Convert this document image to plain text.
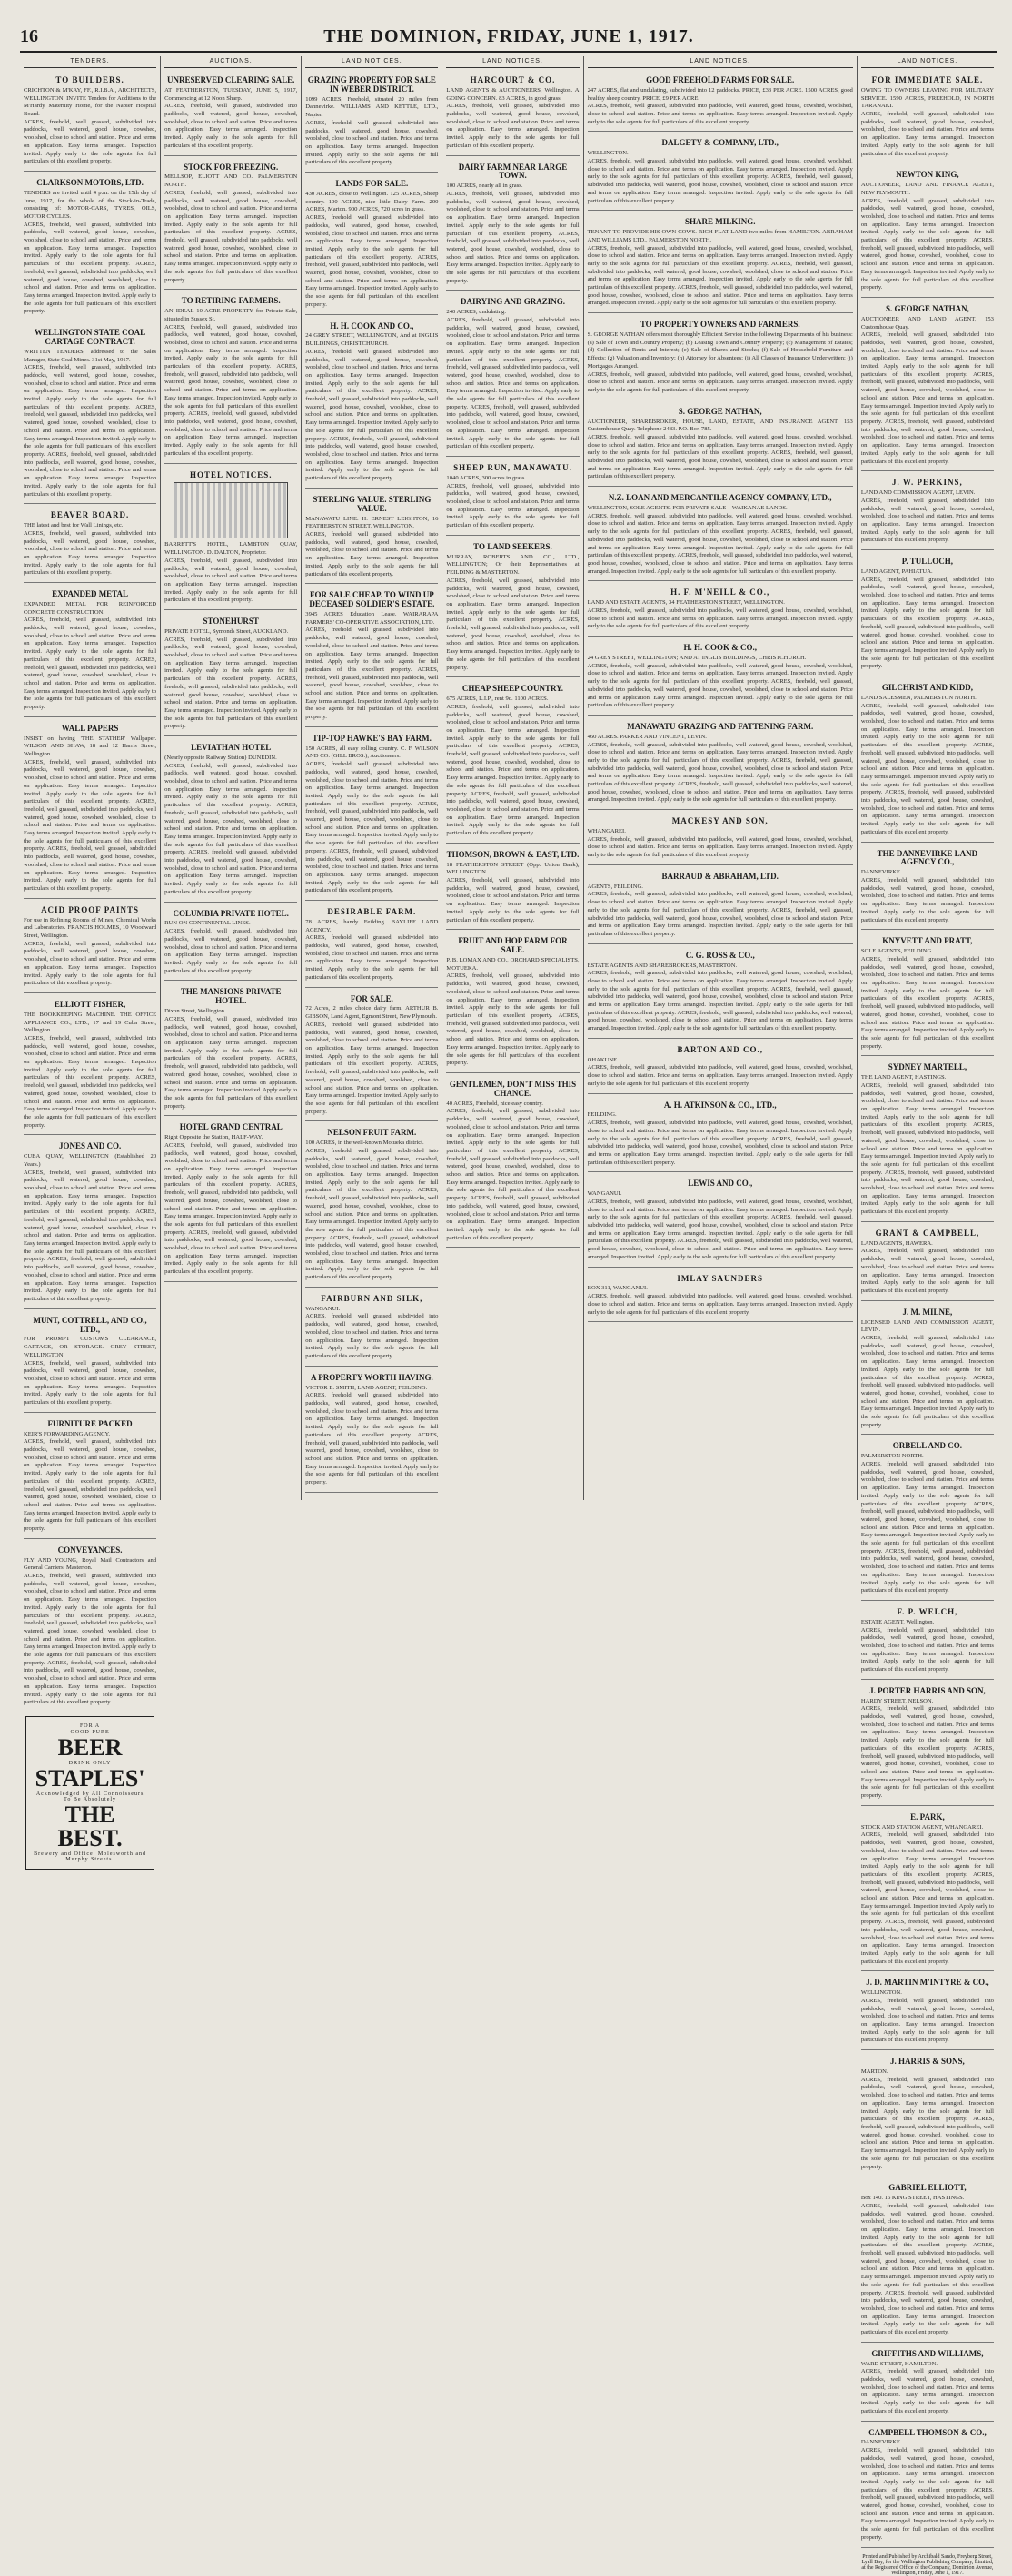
16	THE DOMINION, FRIDAY, JUNE 1, 1917.
TENDERS.
TO BUILDERS.

CRICHTON & M'KAY, FF., R.I.B.A., ARCHITECTS, WELLINGTON. INVITE Tenders for Additions to the M'Hardy Maternity Home, for the Napier Hospital Board.

ACRES, freehold, well grassed, subdivided into paddocks, well watered, good house, cowshed, woolshed, close to school and station. Price and terms on application. Easy terms arranged. Inspection invited. Apply early to the sole agents for full particulars of this excellent property.
CLARKSON MOTORS, LTD.

TENDERS are invited until 4 p.m. on the 15th day of June, 1917, for the whole of the Stock-in-Trade, consisting of: MOTOR-CARS, TYRES, OILS, MOTOR CYCLES.

ACRES, freehold, well grassed, subdivided into paddocks, well watered, good house, cowshed, woolshed, close to school and station. Price and terms on application. Easy terms arranged. Inspection invited. Apply early to the sole agents for full particulars of this excellent property. ACRES, freehold, well grassed, subdivided into paddocks, well watered, good house, cowshed, woolshed, close to school and station. Price and terms on application. Easy terms arranged. Inspection invited. Apply early to the sole agents for full particulars of this excellent property.
WELLINGTON STATE COAL CARTAGE CONTRACT.

WRITTEN TENDERS, addressed to the Sales Manager, State Coal Mines. 31st May, 1917.

ACRES, freehold, well grassed, subdivided into paddocks, well watered, good house, cowshed, woolshed, close to school and station. Price and terms on application. Easy terms arranged. Inspection invited. Apply early to the sole agents for full particulars of this excellent property. ACRES, freehold, well grassed, subdivided into paddocks, well watered, good house, cowshed, woolshed, close to school and station. Price and terms on application. Easy terms arranged. Inspection invited. Apply early to the sole agents for full particulars of this excellent property. ACRES, freehold, well grassed, subdivided into paddocks, well watered, good house, cowshed, woolshed, close to school and station. Price and terms on application. Easy terms arranged. Inspection invited. Apply early to the sole agents for full particulars of this excellent property.
BEAVER BOARD.

THE latest and best for Wall Linings, etc.

ACRES, freehold, well grassed, subdivided into paddocks, well watered, good house, cowshed, woolshed, close to school and station. Price and terms on application. Easy terms arranged. Inspection invited. Apply early to the sole agents for full particulars of this excellent property.
EXPANDED METAL

EXPANDED METAL FOR REINFORCED CONCRETE CONSTRUCTION.

ACRES, freehold, well grassed, subdivided into paddocks, well watered, good house, cowshed, woolshed, close to school and station. Price and terms on application. Easy terms arranged. Inspection invited. Apply early to the sole agents for full particulars of this excellent property. ACRES, freehold, well grassed, subdivided into paddocks, well watered, good house, cowshed, woolshed, close to school and station. Price and terms on application. Easy terms arranged. Inspection invited. Apply early to the sole agents for full particulars of this excellent property.
WALL PAPERS

INSIST on having 'THE STATHER' Wallpaper. WILSON AND SHAW, 18 and 12 Harris Street, Wellington.

ACRES, freehold, well grassed, subdivided into paddocks, well watered, good house, cowshed, woolshed, close to school and station. Price and terms on application. Easy terms arranged. Inspection invited. Apply early to the sole agents for full particulars of this excellent property. ACRES, freehold, well grassed, subdivided into paddocks, well watered, good house, cowshed, woolshed, close to school and station. Price and terms on application. Easy terms arranged. Inspection invited. Apply early to the sole agents for full particulars of this excellent property. ACRES, freehold, well grassed, subdivided into paddocks, well watered, good house, cowshed, woolshed, close to school and station. Price and terms on application. Easy terms arranged. Inspection invited. Apply early to the sole agents for full particulars of this excellent property.
ACID PROOF PAINTS

For use in Refining Rooms of Mines, Chemical Works and Laboratories. FRANCIS HOLMES, 10 Woodward Street, Wellington.

ACRES, freehold, well grassed, subdivided into paddocks, well watered, good house, cowshed, woolshed, close to school and station. Price and terms on application. Easy terms arranged. Inspection invited. Apply early to the sole agents for full particulars of this excellent property.
ELLIOTT FISHER,

THE BOOKKEEPING MACHINE. THE OFFICE APPLIANCE CO., LTD., 17 and 19 Cuba Street, Wellington.

ACRES, freehold, well grassed, subdivided into paddocks, well watered, good house, cowshed, woolshed, close to school and station. Price and terms on application. Easy terms arranged. Inspection invited. Apply early to the sole agents for full particulars of this excellent property. ACRES, freehold, well grassed, subdivided into paddocks, well watered, good house, cowshed, woolshed, close to school and station. Price and terms on application. Easy terms arranged. Inspection invited. Apply early to the sole agents for full particulars of this excellent property.
JONES AND CO.

CUBA QUAY, WELLINGTON (Established 20 Years.)

ACRES, freehold, well grassed, subdivided into paddocks, well watered, good house, cowshed, woolshed, close to school and station. Price and terms on application. Easy terms arranged. Inspection invited. Apply early to the sole agents for full particulars of this excellent property. ACRES, freehold, well grassed, subdivided into paddocks, well watered, good house, cowshed, woolshed, close to school and station. Price and terms on application. Easy terms arranged. Inspection invited. Apply early to the sole agents for full particulars of this excellent property. ACRES, freehold, well grassed, subdivided into paddocks, well watered, good house, cowshed, woolshed, close to school and station. Price and terms on application. Easy terms arranged. Inspection invited. Apply early to the sole agents for full particulars of this excellent property.
MUNT, COTTRELL, AND CO., LTD.,

FOR PROMPT CUSTOMS CLEARANCE, CARTAGE, OR STORAGE. GREY STREET, WELLINGTON.

ACRES, freehold, well grassed, subdivided into paddocks, well watered, good house, cowshed, woolshed, close to school and station. Price and terms on application. Easy terms arranged. Inspection invited. Apply early to the sole agents for full particulars of this excellent property.
FURNITURE PACKED

KEIR'S FORWARDING AGENCY.

ACRES, freehold, well grassed, subdivided into paddocks, well watered, good house, cowshed, woolshed, close to school and station. Price and terms on application. Easy terms arranged. Inspection invited. Apply early to the sole agents for full particulars of this excellent property. ACRES, freehold, well grassed, subdivided into paddocks, well watered, good house, cowshed, woolshed, close to school and station. Price and terms on application. Easy terms arranged. Inspection invited. Apply early to the sole agents for full particulars of this excellent property.
CONVEYANCES.

FLY AND YOUNG, Royal Mail Contractors and General Carriers, Masterton.

ACRES, freehold, well grassed, subdivided into paddocks, well watered, good house, cowshed, woolshed, close to school and station. Price and terms on application. Easy terms arranged. Inspection invited. Apply early to the sole agents for full particulars of this excellent property. ACRES, freehold, well grassed, subdivided into paddocks, well watered, good house, cowshed, woolshed, close to school and station. Price and terms on application. Easy terms arranged. Inspection invited. Apply early to the sole agents for full particulars of this excellent property. ACRES, freehold, well grassed, subdivided into paddocks, well watered, good house, cowshed, woolshed, close to school and station. Price and terms on application. Easy terms arranged. Inspection invited. Apply early to the sole agents for full particulars of this excellent property.
FOR A
GOOD PURE
BEER
DRINK ONLY
STAPLES'
Acknowledged by All Connoisseurs To Be Absolutely
THE BEST.
Brewery and Office: Molesworth and Murphy Streets.
AUCTIONS.
UNRESERVED CLEARING SALE.

AT FEATHERSTON, TUESDAY, JUNE 5, 1917, Commencing at 12 Noon Sharp.

ACRES, freehold, well grassed, subdivided into paddocks, well watered, good house, cowshed, woolshed, close to school and station. Price and terms on application. Easy terms arranged. Inspection invited. Apply early to the sole agents for full particulars of this excellent property.
STOCK FOR FREEZING.

MELLSOP, ELIOTT AND CO. PALMERSTON NORTH.

ACRES, freehold, well grassed, subdivided into paddocks, well watered, good house, cowshed, woolshed, close to school and station. Price and terms on application. Easy terms arranged. Inspection invited. Apply early to the sole agents for full particulars of this excellent property. ACRES, freehold, well grassed, subdivided into paddocks, well watered, good house, cowshed, woolshed, close to school and station. Price and terms on application. Easy terms arranged. Inspection invited. Apply early to the sole agents for full particulars of this excellent property.
TO RETIRING FARMERS.

AN IDEAL 10-ACRE PROPERTY for Private Sale, situated in Sussex St.

ACRES, freehold, well grassed, subdivided into paddocks, well watered, good house, cowshed, woolshed, close to school and station. Price and terms on application. Easy terms arranged. Inspection invited. Apply early to the sole agents for full particulars of this excellent property. ACRES, freehold, well grassed, subdivided into paddocks, well watered, good house, cowshed, woolshed, close to school and station. Price and terms on application. Easy terms arranged. Inspection invited. Apply early to the sole agents for full particulars of this excellent property. ACRES, freehold, well grassed, subdivided into paddocks, well watered, good house, cowshed, woolshed, close to school and station. Price and terms on application. Easy terms arranged. Inspection invited. Apply early to the sole agents for full particulars of this excellent property.
HOTEL NOTICES.

BARRETT'S HOTEL, LAMBTON QUAY, WELLINGTON. D. DALTON, Proprietor.

ACRES, freehold, well grassed, subdivided into paddocks, well watered, good house, cowshed, woolshed, close to school and station. Price and terms on application. Easy terms arranged. Inspection invited. Apply early to the sole agents for full particulars of this excellent property.
STONEHURST

PRIVATE HOTEL, Symonds Street, AUCKLAND.

ACRES, freehold, well grassed, subdivided into paddocks, well watered, good house, cowshed, woolshed, close to school and station. Price and terms on application. Easy terms arranged. Inspection invited. Apply early to the sole agents for full particulars of this excellent property. ACRES, freehold, well grassed, subdivided into paddocks, well watered, good house, cowshed, woolshed, close to school and station. Price and terms on application. Easy terms arranged. Inspection invited. Apply early to the sole agents for full particulars of this excellent property.
LEVIATHAN HOTEL

(Nearly opposite Railway Station) DUNEDIN.

ACRES, freehold, well grassed, subdivided into paddocks, well watered, good house, cowshed, woolshed, close to school and station. Price and terms on application. Easy terms arranged. Inspection invited. Apply early to the sole agents for full particulars of this excellent property. ACRES, freehold, well grassed, subdivided into paddocks, well watered, good house, cowshed, woolshed, close to school and station. Price and terms on application. Easy terms arranged. Inspection invited. Apply early to the sole agents for full particulars of this excellent property. ACRES, freehold, well grassed, subdivided into paddocks, well watered, good house, cowshed, woolshed, close to school and station. Price and terms on application. Easy terms arranged. Inspection invited. Apply early to the sole agents for full particulars of this excellent property.
COLUMBIA PRIVATE HOTEL.

RUN ON CONTINENTAL LINES.

ACRES, freehold, well grassed, subdivided into paddocks, well watered, good house, cowshed, woolshed, close to school and station. Price and terms on application. Easy terms arranged. Inspection invited. Apply early to the sole agents for full particulars of this excellent property.
THE MANSIONS PRIVATE HOTEL.

Dixon Street, Wellington.

ACRES, freehold, well grassed, subdivided into paddocks, well watered, good house, cowshed, woolshed, close to school and station. Price and terms on application. Easy terms arranged. Inspection invited. Apply early to the sole agents for full particulars of this excellent property. ACRES, freehold, well grassed, subdivided into paddocks, well watered, good house, cowshed, woolshed, close to school and station. Price and terms on application. Easy terms arranged. Inspection invited. Apply early to the sole agents for full particulars of this excellent property.
HOTEL GRAND CENTRAL

Right Opposite the Station, HALF-WAY.

ACRES, freehold, well grassed, subdivided into paddocks, well watered, good house, cowshed, woolshed, close to school and station. Price and terms on application. Easy terms arranged. Inspection invited. Apply early to the sole agents for full particulars of this excellent property. ACRES, freehold, well grassed, subdivided into paddocks, well watered, good house, cowshed, woolshed, close to school and station. Price and terms on application. Easy terms arranged. Inspection invited. Apply early to the sole agents for full particulars of this excellent property. ACRES, freehold, well grassed, subdivided into paddocks, well watered, good house, cowshed, woolshed, close to school and station. Price and terms on application. Easy terms arranged. Inspection invited. Apply early to the sole agents for full particulars of this excellent property.
LAND NOTICES.
GRAZING PROPERTY FOR SALE IN WEBER DISTRICT.

1099 ACRES, Freehold, situated 20 miles from Dannevirke. WILLIAMS AND KETTLE, LTD., Napier.

ACRES, freehold, well grassed, subdivided into paddocks, well watered, good house, cowshed, woolshed, close to school and station. Price and terms on application. Easy terms arranged. Inspection invited. Apply early to the sole agents for full particulars of this excellent property.
LANDS FOR SALE.

430 ACRES, close to Wellington. 125 ACRES, Sheep country. 100 ACRES, nice little Dairy Farm. 200 ACRES, Marton. 900 ACRES, 720 acres in grass.

ACRES, freehold, well grassed, subdivided into paddocks, well watered, good house, cowshed, woolshed, close to school and station. Price and terms on application. Easy terms arranged. Inspection invited. Apply early to the sole agents for full particulars of this excellent property. ACRES, freehold, well grassed, subdivided into paddocks, well watered, good house, cowshed, woolshed, close to school and station. Price and terms on application. Easy terms arranged. Inspection invited. Apply early to the sole agents for full particulars of this excellent property.
H. H. COOK AND CO.,

24 GREY STREET, WELLINGTON, And at INGLIS BUILDINGS, CHRISTCHURCH.

ACRES, freehold, well grassed, subdivided into paddocks, well watered, good house, cowshed, woolshed, close to school and station. Price and terms on application. Easy terms arranged. Inspection invited. Apply early to the sole agents for full particulars of this excellent property. ACRES, freehold, well grassed, subdivided into paddocks, well watered, good house, cowshed, woolshed, close to school and station. Price and terms on application. Easy terms arranged. Inspection invited. Apply early to the sole agents for full particulars of this excellent property. ACRES, freehold, well grassed, subdivided into paddocks, well watered, good house, cowshed, woolshed, close to school and station. Price and terms on application. Easy terms arranged. Inspection invited. Apply early to the sole agents for full particulars of this excellent property.
STERLING VALUE. STERLING VALUE.

MANAWATU LINE. H. ERNEST LEIGHTON, 16 FEATHERSTON STREET, WELLINGTON.

ACRES, freehold, well grassed, subdivided into paddocks, well watered, good house, cowshed, woolshed, close to school and station. Price and terms on application. Easy terms arranged. Inspection invited. Apply early to the sole agents for full particulars of this excellent property.
FOR SALE CHEAP. TO WIND UP DECEASED SOLDIER'S ESTATE.

3945 ACRES Education Lease. WAIRARAPA FARMERS' CO-OPERATIVE ASSOCIATION, LTD.

ACRES, freehold, well grassed, subdivided into paddocks, well watered, good house, cowshed, woolshed, close to school and station. Price and terms on application. Easy terms arranged. Inspection invited. Apply early to the sole agents for full particulars of this excellent property. ACRES, freehold, well grassed, subdivided into paddocks, well watered, good house, cowshed, woolshed, close to school and station. Price and terms on application. Easy terms arranged. Inspection invited. Apply early to the sole agents for full particulars of this excellent property.
TIP-TOP HAWKE'S BAY FARM.

150 ACRES, all easy rolling country. C. F. WILSON AND CO. (GILL BROS.), Auctioneers.

ACRES, freehold, well grassed, subdivided into paddocks, well watered, good house, cowshed, woolshed, close to school and station. Price and terms on application. Easy terms arranged. Inspection invited. Apply early to the sole agents for full particulars of this excellent property. ACRES, freehold, well grassed, subdivided into paddocks, well watered, good house, cowshed, woolshed, close to school and station. Price and terms on application. Easy terms arranged. Inspection invited. Apply early to the sole agents for full particulars of this excellent property. ACRES, freehold, well grassed, subdivided into paddocks, well watered, good house, cowshed, woolshed, close to school and station. Price and terms on application. Easy terms arranged. Inspection invited. Apply early to the sole agents for full particulars of this excellent property.
DESIRABLE FARM.

78 ACRES, handy Feilding. BAYLIFF LAND AGENCY.

ACRES, freehold, well grassed, subdivided into paddocks, well watered, good house, cowshed, woolshed, close to school and station. Price and terms on application. Easy terms arranged. Inspection invited. Apply early to the sole agents for full particulars of this excellent property.
FOR SALE.

72 Acres, 2 miles choice dairy farm. ARTHUR B. GIBSON, Land Agent, Egmont Street, New Plymouth.

ACRES, freehold, well grassed, subdivided into paddocks, well watered, good house, cowshed, woolshed, close to school and station. Price and terms on application. Easy terms arranged. Inspection invited. Apply early to the sole agents for full particulars of this excellent property. ACRES, freehold, well grassed, subdivided into paddocks, well watered, good house, cowshed, woolshed, close to school and station. Price and terms on application. Easy terms arranged. Inspection invited. Apply early to the sole agents for full particulars of this excellent property.
NELSON FRUIT FARM.

100 ACRES, in the well-known Motueka district.

ACRES, freehold, well grassed, subdivided into paddocks, well watered, good house, cowshed, woolshed, close to school and station. Price and terms on application. Easy terms arranged. Inspection invited. Apply early to the sole agents for full particulars of this excellent property. ACRES, freehold, well grassed, subdivided into paddocks, well watered, good house, cowshed, woolshed, close to school and station. Price and terms on application. Easy terms arranged. Inspection invited. Apply early to the sole agents for full particulars of this excellent property. ACRES, freehold, well grassed, subdivided into paddocks, well watered, good house, cowshed, woolshed, close to school and station. Price and terms on application. Easy terms arranged. Inspection invited. Apply early to the sole agents for full particulars of this excellent property.
FAIRBURN AND SILK,

WANGANUI.

ACRES, freehold, well grassed, subdivided into paddocks, well watered, good house, cowshed, woolshed, close to school and station. Price and terms on application. Easy terms arranged. Inspection invited. Apply early to the sole agents for full particulars of this excellent property.
A PROPERTY WORTH HAVING.

VICTOR E. SMITH, LAND AGENT, FEILDING.

ACRES, freehold, well grassed, subdivided into paddocks, well watered, good house, cowshed, woolshed, close to school and station. Price and terms on application. Easy terms arranged. Inspection invited. Apply early to the sole agents for full particulars of this excellent property. ACRES, freehold, well grassed, subdivided into paddocks, well watered, good house, cowshed, woolshed, close to school and station. Price and terms on application. Easy terms arranged. Inspection invited. Apply early to the sole agents for full particulars of this excellent property.
LAND NOTICES.
HARCOURT & CO.

LAND AGENTS & AUCTIONEERS, Wellington. A GOING CONCERN. 83 ACRES, in good grass.

ACRES, freehold, well grassed, subdivided into paddocks, well watered, good house, cowshed, woolshed, close to school and station. Price and terms on application. Easy terms arranged. Inspection invited. Apply early to the sole agents for full particulars of this excellent property.
DAIRY FARM NEAR LARGE TOWN.

100 ACRES, nearly all in grass.

ACRES, freehold, well grassed, subdivided into paddocks, well watered, good house, cowshed, woolshed, close to school and station. Price and terms on application. Easy terms arranged. Inspection invited. Apply early to the sole agents for full particulars of this excellent property. ACRES, freehold, well grassed, subdivided into paddocks, well watered, good house, cowshed, woolshed, close to school and station. Price and terms on application. Easy terms arranged. Inspection invited. Apply early to the sole agents for full particulars of this excellent property.
DAIRYING AND GRAZING.

240 ACRES, undulating.

ACRES, freehold, well grassed, subdivided into paddocks, well watered, good house, cowshed, woolshed, close to school and station. Price and terms on application. Easy terms arranged. Inspection invited. Apply early to the sole agents for full particulars of this excellent property. ACRES, freehold, well grassed, subdivided into paddocks, well watered, good house, cowshed, woolshed, close to school and station. Price and terms on application. Easy terms arranged. Inspection invited. Apply early to the sole agents for full particulars of this excellent property. ACRES, freehold, well grassed, subdivided into paddocks, well watered, good house, cowshed, woolshed, close to school and station. Price and terms on application. Easy terms arranged. Inspection invited. Apply early to the sole agents for full particulars of this excellent property.
SHEEP RUN, MANAWATU.

1040 ACRES, 300 acres in grass.

ACRES, freehold, well grassed, subdivided into paddocks, well watered, good house, cowshed, woolshed, close to school and station. Price and terms on application. Easy terms arranged. Inspection invited. Apply early to the sole agents for full particulars of this excellent property.
TO LAND SEEKERS.

MURRAY, ROBERTS AND CO., LTD., WELLINGTON; Or their Representatives at FEILDING & MASTERTON.

ACRES, freehold, well grassed, subdivided into paddocks, well watered, good house, cowshed, woolshed, close to school and station. Price and terms on application. Easy terms arranged. Inspection invited. Apply early to the sole agents for full particulars of this excellent property. ACRES, freehold, well grassed, subdivided into paddocks, well watered, good house, cowshed, woolshed, close to school and station. Price and terms on application. Easy terms arranged. Inspection invited. Apply early to the sole agents for full particulars of this excellent property.
CHEAP SHEEP COUNTRY.

675 ACRES, L.I.P., rent 9d. 1100 ACRES.

ACRES, freehold, well grassed, subdivided into paddocks, well watered, good house, cowshed, woolshed, close to school and station. Price and terms on application. Easy terms arranged. Inspection invited. Apply early to the sole agents for full particulars of this excellent property. ACRES, freehold, well grassed, subdivided into paddocks, well watered, good house, cowshed, woolshed, close to school and station. Price and terms on application. Easy terms arranged. Inspection invited. Apply early to the sole agents for full particulars of this excellent property. ACRES, freehold, well grassed, subdivided into paddocks, well watered, good house, cowshed, woolshed, close to school and station. Price and terms on application. Easy terms arranged. Inspection invited. Apply early to the sole agents for full particulars of this excellent property.
THOMSON, BROWN & EAST, LTD.

18 FEATHERSTON STREET (Opp. Union Bank), WELLINGTON.

ACRES, freehold, well grassed, subdivided into paddocks, well watered, good house, cowshed, woolshed, close to school and station. Price and terms on application. Easy terms arranged. Inspection invited. Apply early to the sole agents for full particulars of this excellent property.
FRUIT AND HOP FARM FOR SALE.

P. B. LOMAX AND CO., ORCHARD SPECIALISTS, MOTUEKA.

ACRES, freehold, well grassed, subdivided into paddocks, well watered, good house, cowshed, woolshed, close to school and station. Price and terms on application. Easy terms arranged. Inspection invited. Apply early to the sole agents for full particulars of this excellent property. ACRES, freehold, well grassed, subdivided into paddocks, well watered, good house, cowshed, woolshed, close to school and station. Price and terms on application. Easy terms arranged. Inspection invited. Apply early to the sole agents for full particulars of this excellent property.
GENTLEMEN, DON'T MISS THIS CHANCE.

40 ACRES, Freehold, nice easy country.

ACRES, freehold, well grassed, subdivided into paddocks, well watered, good house, cowshed, woolshed, close to school and station. Price and terms on application. Easy terms arranged. Inspection invited. Apply early to the sole agents for full particulars of this excellent property. ACRES, freehold, well grassed, subdivided into paddocks, well watered, good house, cowshed, woolshed, close to school and station. Price and terms on application. Easy terms arranged. Inspection invited. Apply early to the sole agents for full particulars of this excellent property. ACRES, freehold, well grassed, subdivided into paddocks, well watered, good house, cowshed, woolshed, close to school and station. Price and terms on application. Easy terms arranged. Inspection invited. Apply early to the sole agents for full particulars of this excellent property.
LAND NOTICES.
GOOD FREEHOLD FARMS FOR SALE.

247 ACRES, flat and undulating, subdivided into 12 paddocks. PRICE, £33 PER ACRE. 1500 ACRES, good healthy sheep country. PRICE, £9 PER ACRE.

ACRES, freehold, well grassed, subdivided into paddocks, well watered, good house, cowshed, woolshed, close to school and station. Price and terms on application. Easy terms arranged. Inspection invited. Apply early to the sole agents for full particulars of this excellent property.
DALGETY & COMPANY, LTD.,

WELLINGTON.

ACRES, freehold, well grassed, subdivided into paddocks, well watered, good house, cowshed, woolshed, close to school and station. Price and terms on application. Easy terms arranged. Inspection invited. Apply early to the sole agents for full particulars of this excellent property. ACRES, freehold, well grassed, subdivided into paddocks, well watered, good house, cowshed, woolshed, close to school and station. Price and terms on application. Easy terms arranged. Inspection invited. Apply early to the sole agents for full particulars of this excellent property.
SHARE MILKING.

TENANT TO PROVIDE HIS OWN COWS. RICH FLAT LAND two miles from HAMILTON. ABRAHAM AND WILLIAMS LTD., PALMERSTON NORTH.

ACRES, freehold, well grassed, subdivided into paddocks, well watered, good house, cowshed, woolshed, close to school and station. Price and terms on application. Easy terms arranged. Inspection invited. Apply early to the sole agents for full particulars of this excellent property. ACRES, freehold, well grassed, subdivided into paddocks, well watered, good house, cowshed, woolshed, close to school and station. Price and terms on application. Easy terms arranged. Inspection invited. Apply early to the sole agents for full particulars of this excellent property. ACRES, freehold, well grassed, subdivided into paddocks, well watered, good house, cowshed, woolshed, close to school and station. Price and terms on application. Easy terms arranged. Inspection invited. Apply early to the sole agents for full particulars of this excellent property.
TO PROPERTY OWNERS AND FARMERS.

S. GEORGE NATHAN offers most thoroughly Efficient Service in the following Departments of his business: (a) Sale of Town and Country Property; (b) Leasing Town and Country Property; (c) Management of Estates; (d) Collection of Rents and Interest; (e) Sale of Shares and Stocks; (f) Sale of Household Furniture and Effects; (g) Valuation and Inventory; (h) Attorney for Absentees; (i) All Classes of Insurance Underwritten; (j) Mortgages Arranged.

ACRES, freehold, well grassed, subdivided into paddocks, well watered, good house, cowshed, woolshed, close to school and station. Price and terms on application. Easy terms arranged. Inspection invited. Apply early to the sole agents for full particulars of this excellent property.
S. GEORGE NATHAN,

AUCTIONEER, SHAREBROKER, HOUSE, LAND, ESTATE, AND INSURANCE AGENT. 153 Customhouse Quay. Telephone 2483. P.O. Box 785.

ACRES, freehold, well grassed, subdivided into paddocks, well watered, good house, cowshed, woolshed, close to school and station. Price and terms on application. Easy terms arranged. Inspection invited. Apply early to the sole agents for full particulars of this excellent property. ACRES, freehold, well grassed, subdivided into paddocks, well watered, good house, cowshed, woolshed, close to school and station. Price and terms on application. Easy terms arranged. Inspection invited. Apply early to the sole agents for full particulars of this excellent property.
N.Z. LOAN AND MERCANTILE AGENCY COMPANY, LTD.,

WELLINGTON, SOLE AGENTS. FOR PRIVATE SALE—WAIKANAE LANDS.

ACRES, freehold, well grassed, subdivided into paddocks, well watered, good house, cowshed, woolshed, close to school and station. Price and terms on application. Easy terms arranged. Inspection invited. Apply early to the sole agents for full particulars of this excellent property. ACRES, freehold, well grassed, subdivided into paddocks, well watered, good house, cowshed, woolshed, close to school and station. Price and terms on application. Easy terms arranged. Inspection invited. Apply early to the sole agents for full particulars of this excellent property. ACRES, freehold, well grassed, subdivided into paddocks, well watered, good house, cowshed, woolshed, close to school and station. Price and terms on application. Easy terms arranged. Inspection invited. Apply early to the sole agents for full particulars of this excellent property.
H. F. M'NEILL & CO.,

LAND AND ESTATE AGENTS, 34 FEATHERSTON STREET, WELLINGTON.

ACRES, freehold, well grassed, subdivided into paddocks, well watered, good house, cowshed, woolshed, close to school and station. Price and terms on application. Easy terms arranged. Inspection invited. Apply early to the sole agents for full particulars of this excellent property.
H. H. COOK & CO.,

24 GREY STREET, WELLINGTON; AND AT INGLIS BUILDINGS, CHRISTCHURCH.

ACRES, freehold, well grassed, subdivided into paddocks, well watered, good house, cowshed, woolshed, close to school and station. Price and terms on application. Easy terms arranged. Inspection invited. Apply early to the sole agents for full particulars of this excellent property. ACRES, freehold, well grassed, subdivided into paddocks, well watered, good house, cowshed, woolshed, close to school and station. Price and terms on application. Easy terms arranged. Inspection invited. Apply early to the sole agents for full particulars of this excellent property.
MANAWATU GRAZING AND FATTENING FARM.

460 ACRES. PARKER AND VINCENT, LEVIN.

ACRES, freehold, well grassed, subdivided into paddocks, well watered, good house, cowshed, woolshed, close to school and station. Price and terms on application. Easy terms arranged. Inspection invited. Apply early to the sole agents for full particulars of this excellent property. ACRES, freehold, well grassed, subdivided into paddocks, well watered, good house, cowshed, woolshed, close to school and station. Price and terms on application. Easy terms arranged. Inspection invited. Apply early to the sole agents for full particulars of this excellent property. ACRES, freehold, well grassed, subdivided into paddocks, well watered, good house, cowshed, woolshed, close to school and station. Price and terms on application. Easy terms arranged. Inspection invited. Apply early to the sole agents for full particulars of this excellent property.
MACKESY AND SON,

WHANGAREI.

ACRES, freehold, well grassed, subdivided into paddocks, well watered, good house, cowshed, woolshed, close to school and station. Price and terms on application. Easy terms arranged. Inspection invited. Apply early to the sole agents for full particulars of this excellent property.
BARRAUD & ABRAHAM, LTD.

AGENTS, FEILDING.

ACRES, freehold, well grassed, subdivided into paddocks, well watered, good house, cowshed, woolshed, close to school and station. Price and terms on application. Easy terms arranged. Inspection invited. Apply early to the sole agents for full particulars of this excellent property. ACRES, freehold, well grassed, subdivided into paddocks, well watered, good house, cowshed, woolshed, close to school and station. Price and terms on application. Easy terms arranged. Inspection invited. Apply early to the sole agents for full particulars of this excellent property.
C. G. ROSS & CO.,

ESTATE AGENTS AND SHAREBROKERS, MASTERTON.

ACRES, freehold, well grassed, subdivided into paddocks, well watered, good house, cowshed, woolshed, close to school and station. Price and terms on application. Easy terms arranged. Inspection invited. Apply early to the sole agents for full particulars of this excellent property. ACRES, freehold, well grassed, subdivided into paddocks, well watered, good house, cowshed, woolshed, close to school and station. Price and terms on application. Easy terms arranged. Inspection invited. Apply early to the sole agents for full particulars of this excellent property. ACRES, freehold, well grassed, subdivided into paddocks, well watered, good house, cowshed, woolshed, close to school and station. Price and terms on application. Easy terms arranged. Inspection invited. Apply early to the sole agents for full particulars of this excellent property.
BARTON AND CO.,

OHAKUNE.

ACRES, freehold, well grassed, subdivided into paddocks, well watered, good house, cowshed, woolshed, close to school and station. Price and terms on application. Easy terms arranged. Inspection invited. Apply early to the sole agents for full particulars of this excellent property.
A. H. ATKINSON & CO., LTD.,

FEILDING.

ACRES, freehold, well grassed, subdivided into paddocks, well watered, good house, cowshed, woolshed, close to school and station. Price and terms on application. Easy terms arranged. Inspection invited. Apply early to the sole agents for full particulars of this excellent property. ACRES, freehold, well grassed, subdivided into paddocks, well watered, good house, cowshed, woolshed, close to school and station. Price and terms on application. Easy terms arranged. Inspection invited. Apply early to the sole agents for full particulars of this excellent property.
LEWIS AND CO.,

WANGANUI.

ACRES, freehold, well grassed, subdivided into paddocks, well watered, good house, cowshed, woolshed, close to school and station. Price and terms on application. Easy terms arranged. Inspection invited. Apply early to the sole agents for full particulars of this excellent property. ACRES, freehold, well grassed, subdivided into paddocks, well watered, good house, cowshed, woolshed, close to school and station. Price and terms on application. Easy terms arranged. Inspection invited. Apply early to the sole agents for full particulars of this excellent property. ACRES, freehold, well grassed, subdivided into paddocks, well watered, good house, cowshed, woolshed, close to school and station. Price and terms on application. Easy terms arranged. Inspection invited. Apply early to the sole agents for full particulars of this excellent property.
IMLAY SAUNDERS

BOX 311, WANGANUI.

ACRES, freehold, well grassed, subdivided into paddocks, well watered, good house, cowshed, woolshed, close to school and station. Price and terms on application. Easy terms arranged. Inspection invited. Apply early to the sole agents for full particulars of this excellent property.
LAND NOTICES.
FOR IMMEDIATE SALE.

OWING TO OWNERS LEAVING FOR MILITARY SERVICE. 1590 ACRES, FREEHOLD, IN NORTH TARANAKI.

ACRES, freehold, well grassed, subdivided into paddocks, well watered, good house, cowshed, woolshed, close to school and station. Price and terms on application. Easy terms arranged. Inspection invited. Apply early to the sole agents for full particulars of this excellent property.
NEWTON KING,

AUCTIONEER, LAND AND FINANCE AGENT, NEW PLYMOUTH.

ACRES, freehold, well grassed, subdivided into paddocks, well watered, good house, cowshed, woolshed, close to school and station. Price and terms on application. Easy terms arranged. Inspection invited. Apply early to the sole agents for full particulars of this excellent property. ACRES, freehold, well grassed, subdivided into paddocks, well watered, good house, cowshed, woolshed, close to school and station. Price and terms on application. Easy terms arranged. Inspection invited. Apply early to the sole agents for full particulars of this excellent property.
S. GEORGE NATHAN,

AUCTIONEER AND LAND AGENT, 153 Customhouse Quay.

ACRES, freehold, well grassed, subdivided into paddocks, well watered, good house, cowshed, woolshed, close to school and station. Price and terms on application. Easy terms arranged. Inspection invited. Apply early to the sole agents for full particulars of this excellent property. ACRES, freehold, well grassed, subdivided into paddocks, well watered, good house, cowshed, woolshed, close to school and station. Price and terms on application. Easy terms arranged. Inspection invited. Apply early to the sole agents for full particulars of this excellent property. ACRES, freehold, well grassed, subdivided into paddocks, well watered, good house, cowshed, woolshed, close to school and station. Price and terms on application. Easy terms arranged. Inspection invited. Apply early to the sole agents for full particulars of this excellent property.
J. W. PERKINS,

LAND AND COMMISSION AGENT, LEVIN.

ACRES, freehold, well grassed, subdivided into paddocks, well watered, good house, cowshed, woolshed, close to school and station. Price and terms on application. Easy terms arranged. Inspection invited. Apply early to the sole agents for full particulars of this excellent property.
P. TULLOCH,

LAND AGENT, PAHIATUA.

ACRES, freehold, well grassed, subdivided into paddocks, well watered, good house, cowshed, woolshed, close to school and station. Price and terms on application. Easy terms arranged. Inspection invited. Apply early to the sole agents for full particulars of this excellent property. ACRES, freehold, well grassed, subdivided into paddocks, well watered, good house, cowshed, woolshed, close to school and station. Price and terms on application. Easy terms arranged. Inspection invited. Apply early to the sole agents for full particulars of this excellent property.
GILCHRIST AND KIDD,

LAND SALESMEN, PALMERSTON NORTH.

ACRES, freehold, well grassed, subdivided into paddocks, well watered, good house, cowshed, woolshed, close to school and station. Price and terms on application. Easy terms arranged. Inspection invited. Apply early to the sole agents for full particulars of this excellent property. ACRES, freehold, well grassed, subdivided into paddocks, well watered, good house, cowshed, woolshed, close to school and station. Price and terms on application. Easy terms arranged. Inspection invited. Apply early to the sole agents for full particulars of this excellent property. ACRES, freehold, well grassed, subdivided into paddocks, well watered, good house, cowshed, woolshed, close to school and station. Price and terms on application. Easy terms arranged. Inspection invited. Apply early to the sole agents for full particulars of this excellent property.
THE DANNEVIRKE LAND AGENCY CO.,

DANNEVIRKE.

ACRES, freehold, well grassed, subdivided into paddocks, well watered, good house, cowshed, woolshed, close to school and station. Price and terms on application. Easy terms arranged. Inspection invited. Apply early to the sole agents for full particulars of this excellent property.
KNYVETT AND PRATT,

SOLE AGENTS, FEILDING.

ACRES, freehold, well grassed, subdivided into paddocks, well watered, good house, cowshed, woolshed, close to school and station. Price and terms on application. Easy terms arranged. Inspection invited. Apply early to the sole agents for full particulars of this excellent property. ACRES, freehold, well grassed, subdivided into paddocks, well watered, good house, cowshed, woolshed, close to school and station. Price and terms on application. Easy terms arranged. Inspection invited. Apply early to the sole agents for full particulars of this excellent property.
SYDNEY MARTELL,

THE LAND AGENT, HASTINGS.

ACRES, freehold, well grassed, subdivided into paddocks, well watered, good house, cowshed, woolshed, close to school and station. Price and terms on application. Easy terms arranged. Inspection invited. Apply early to the sole agents for full particulars of this excellent property. ACRES, freehold, well grassed, subdivided into paddocks, well watered, good house, cowshed, woolshed, close to school and station. Price and terms on application. Easy terms arranged. Inspection invited. Apply early to the sole agents for full particulars of this excellent property. ACRES, freehold, well grassed, subdivided into paddocks, well watered, good house, cowshed, woolshed, close to school and station. Price and terms on application. Easy terms arranged. Inspection invited. Apply early to the sole agents for full particulars of this excellent property.
GRANT & CAMPBELL,

LAND AGENTS, HAWERA.

ACRES, freehold, well grassed, subdivided into paddocks, well watered, good house, cowshed, woolshed, close to school and station. Price and terms on application. Easy terms arranged. Inspection invited. Apply early to the sole agents for full particulars of this excellent property.
J. M. MILNE,

LICENSED LAND AND COMMISSION AGENT, LEVIN.

ACRES, freehold, well grassed, subdivided into paddocks, well watered, good house, cowshed, woolshed, close to school and station. Price and terms on application. Easy terms arranged. Inspection invited. Apply early to the sole agents for full particulars of this excellent property. ACRES, freehold, well grassed, subdivided into paddocks, well watered, good house, cowshed, woolshed, close to school and station. Price and terms on application. Easy terms arranged. Inspection invited. Apply early to the sole agents for full particulars of this excellent property.
ORBELL AND CO.

PALMERSTON NORTH.

ACRES, freehold, well grassed, subdivided into paddocks, well watered, good house, cowshed, woolshed, close to school and station. Price and terms on application. Easy terms arranged. Inspection invited. Apply early to the sole agents for full particulars of this excellent property. ACRES, freehold, well grassed, subdivided into paddocks, well watered, good house, cowshed, woolshed, close to school and station. Price and terms on application. Easy terms arranged. Inspection invited. Apply early to the sole agents for full particulars of this excellent property. ACRES, freehold, well grassed, subdivided into paddocks, well watered, good house, cowshed, woolshed, close to school and station. Price and terms on application. Easy terms arranged. Inspection invited. Apply early to the sole agents for full particulars of this excellent property.
F. P. WELCH,

ESTATE AGENT, Wellington.

ACRES, freehold, well grassed, subdivided into paddocks, well watered, good house, cowshed, woolshed, close to school and station. Price and terms on application. Easy terms arranged. Inspection invited. Apply early to the sole agents for full particulars of this excellent property.
J. PORTER HARRIS AND SON,

HARDY STREET, NELSON.

ACRES, freehold, well grassed, subdivided into paddocks, well watered, good house, cowshed, woolshed, close to school and station. Price and terms on application. Easy terms arranged. Inspection invited. Apply early to the sole agents for full particulars of this excellent property. ACRES, freehold, well grassed, subdivided into paddocks, well watered, good house, cowshed, woolshed, close to school and station. Price and terms on application. Easy terms arranged. Inspection invited. Apply early to the sole agents for full particulars of this excellent property.
E. PARK,

STOCK AND STATION AGENT, WHANGAREI.

ACRES, freehold, well grassed, subdivided into paddocks, well watered, good house, cowshed, woolshed, close to school and station. Price and terms on application. Easy terms arranged. Inspection invited. Apply early to the sole agents for full particulars of this excellent property. ACRES, freehold, well grassed, subdivided into paddocks, well watered, good house, cowshed, woolshed, close to school and station. Price and terms on application. Easy terms arranged. Inspection invited. Apply early to the sole agents for full particulars of this excellent property. ACRES, freehold, well grassed, subdivided into paddocks, well watered, good house, cowshed, woolshed, close to school and station. Price and terms on application. Easy terms arranged. Inspection invited. Apply early to the sole agents for full particulars of this excellent property.
J. D. MARTIN M'INTYRE & CO.,

WELLINGTON.

ACRES, freehold, well grassed, subdivided into paddocks, well watered, good house, cowshed, woolshed, close to school and station. Price and terms on application. Easy terms arranged. Inspection invited. Apply early to the sole agents for full particulars of this excellent property.
J. HARRIS & SONS,

MARTON.

ACRES, freehold, well grassed, subdivided into paddocks, well watered, good house, cowshed, woolshed, close to school and station. Price and terms on application. Easy terms arranged. Inspection invited. Apply early to the sole agents for full particulars of this excellent property. ACRES, freehold, well grassed, subdivided into paddocks, well watered, good house, cowshed, woolshed, close to school and station. Price and terms on application. Easy terms arranged. Inspection invited. Apply early to the sole agents for full particulars of this excellent property.
GABRIEL ELLIOTT,

Box 140. 16 KING STREET, HASTINGS.

ACRES, freehold, well grassed, subdivided into paddocks, well watered, good house, cowshed, woolshed, close to school and station. Price and terms on application. Easy terms arranged. Inspection invited. Apply early to the sole agents for full particulars of this excellent property. ACRES, freehold, well grassed, subdivided into paddocks, well watered, good house, cowshed, woolshed, close to school and station. Price and terms on application. Easy terms arranged. Inspection invited. Apply early to the sole agents for full particulars of this excellent property. ACRES, freehold, well grassed, subdivided into paddocks, well watered, good house, cowshed, woolshed, close to school and station. Price and terms on application. Easy terms arranged. Inspection invited. Apply early to the sole agents for full particulars of this excellent property.
GRIFFITHS AND WILLIAMS,

WARD STREET, HAMILTON.

ACRES, freehold, well grassed, subdivided into paddocks, well watered, good house, cowshed, woolshed, close to school and station. Price and terms on application. Easy terms arranged. Inspection invited. Apply early to the sole agents for full particulars of this excellent property.
CAMPBELL THOMSON & CO.,

DANNEVIRKE.

ACRES, freehold, well grassed, subdivided into paddocks, well watered, good house, cowshed, woolshed, close to school and station. Price and terms on application. Easy terms arranged. Inspection invited. Apply early to the sole agents for full particulars of this excellent property. ACRES, freehold, well grassed, subdivided into paddocks, well watered, good house, cowshed, woolshed, close to school and station. Price and terms on application. Easy terms arranged. Inspection invited. Apply early to the sole agents for full particulars of this excellent property.
Printed and Published by Archibald Sando, Freyberg Street, Lyall Bay, for the Wellington Publishing Company, Limited, at the Registered Office of the Company, Dominion Avenue, Wellington, Friday, June 1, 1917.
